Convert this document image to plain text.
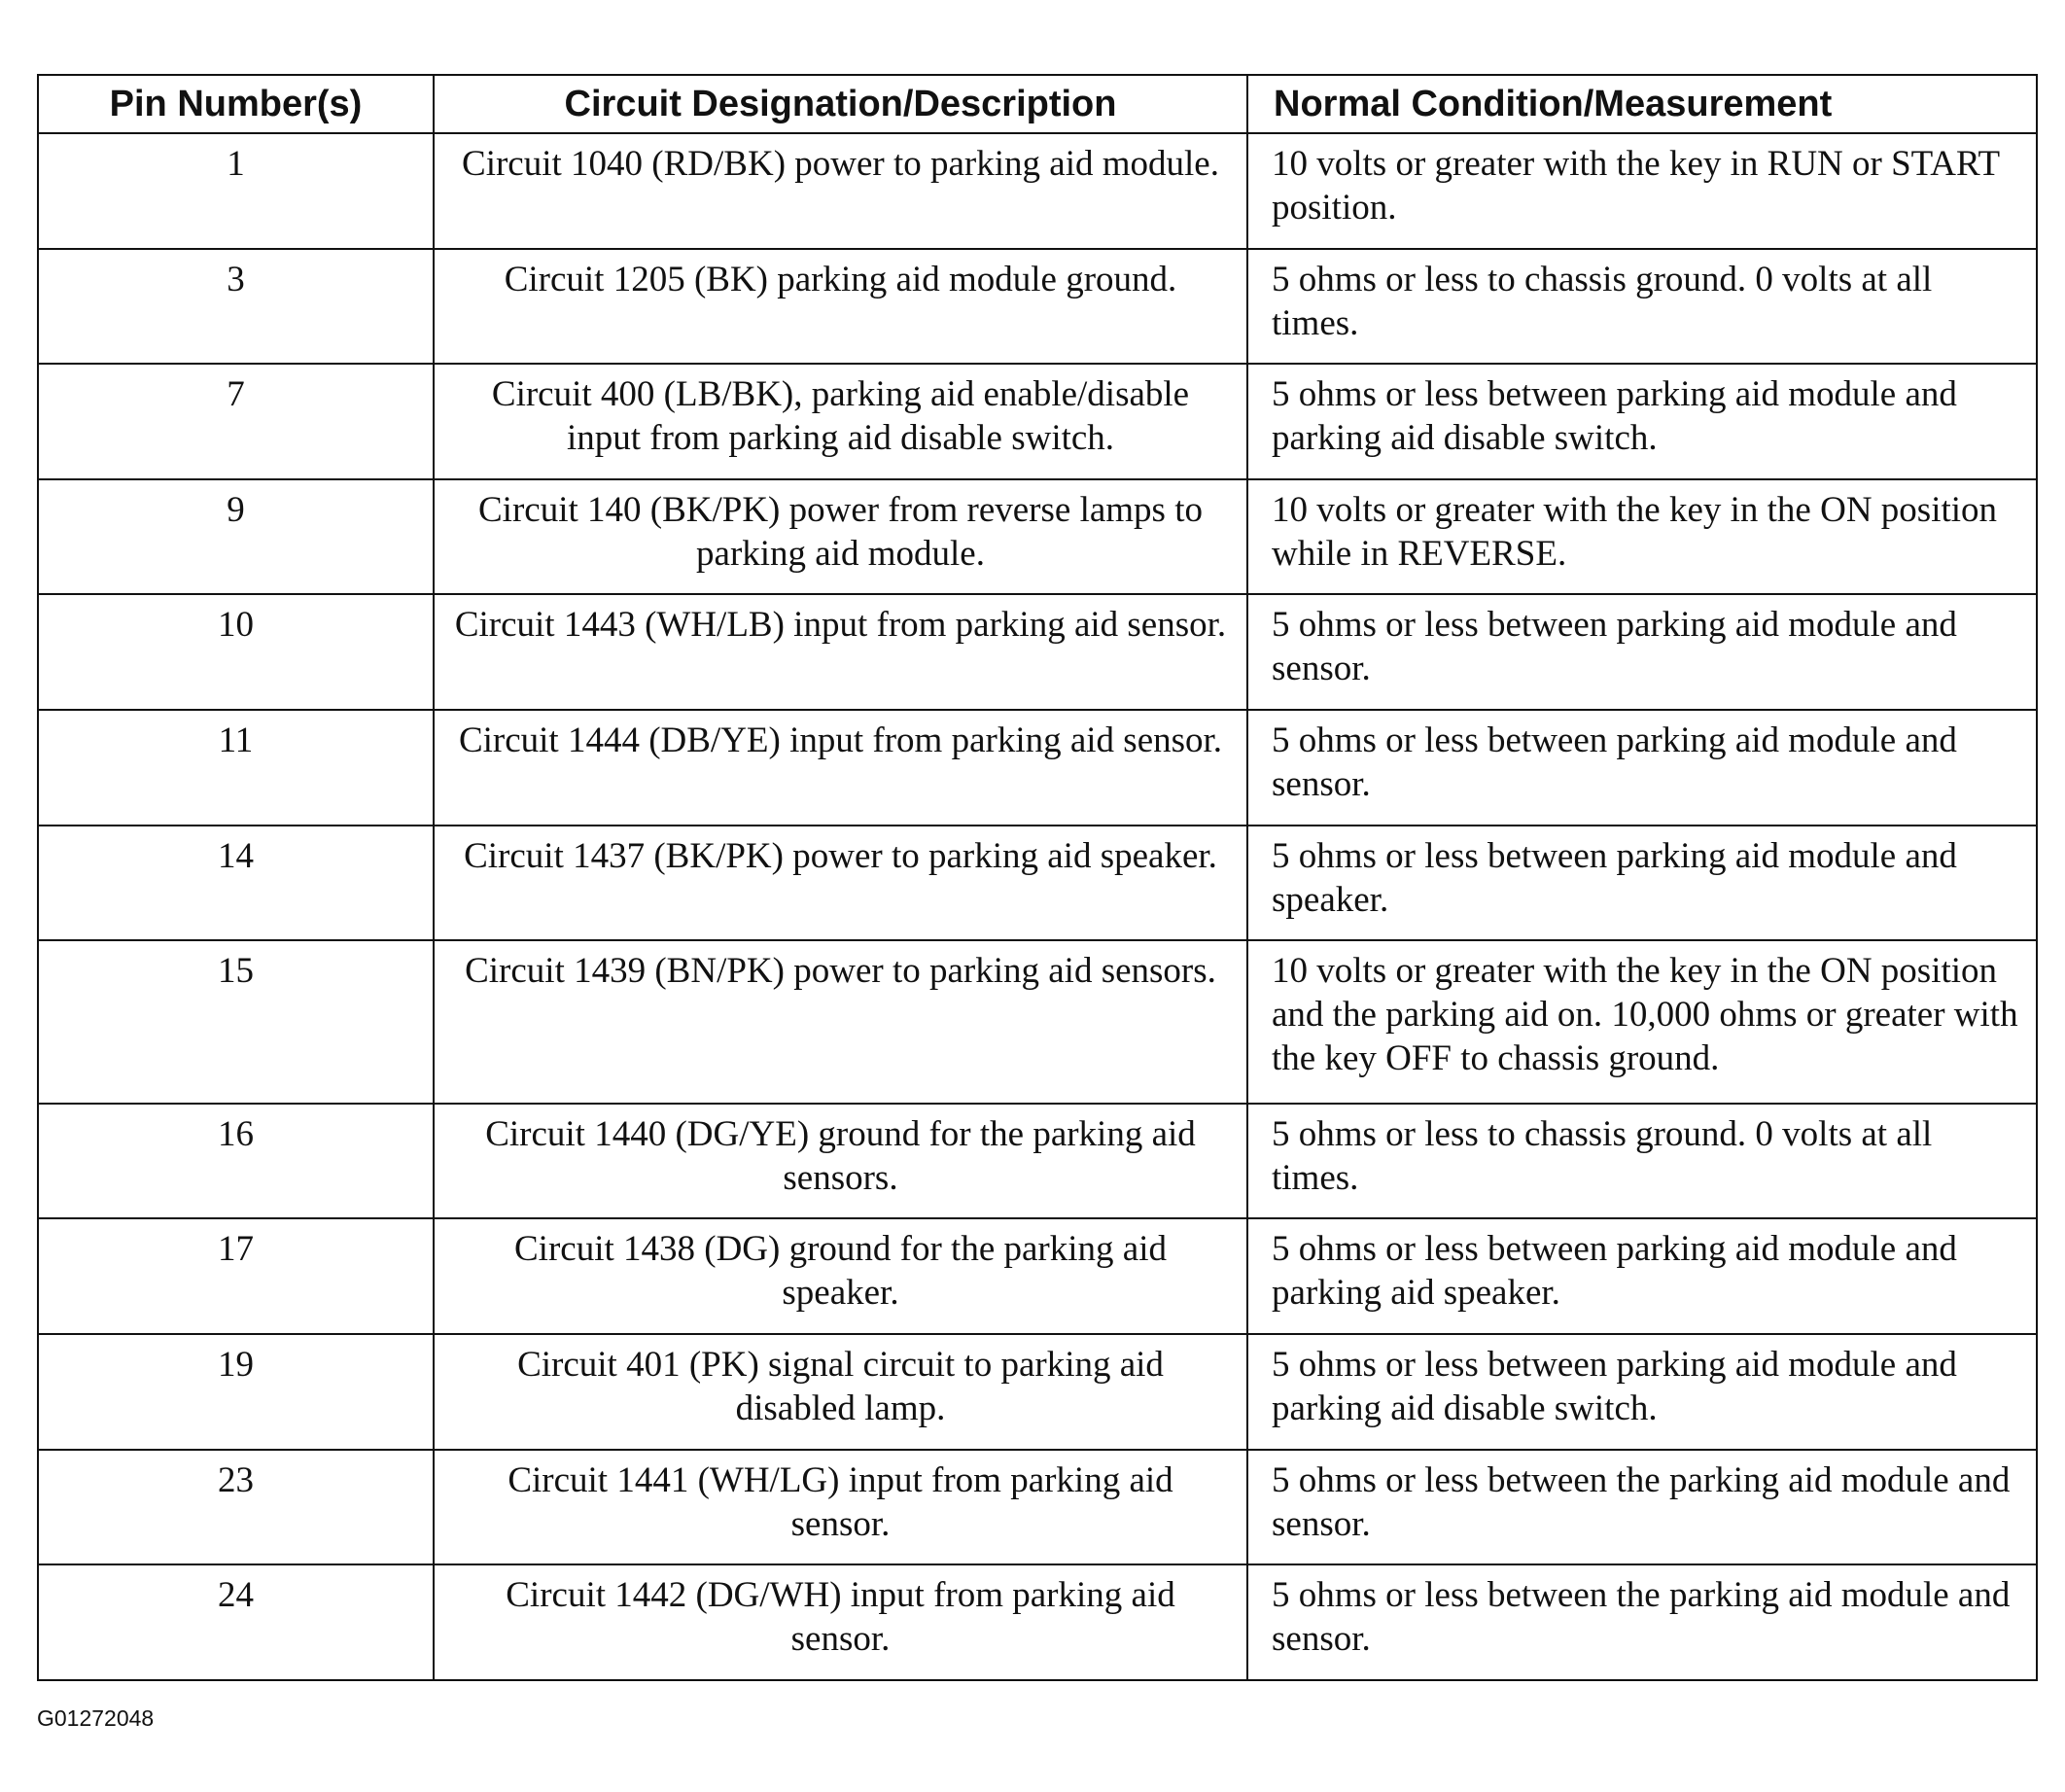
Pin Number(s)	Circuit Designation/Description	Normal Condition/Measurement
1	Circuit 1040 (RD/BK) power to parking aid module.	10 volts or greater with the key in RUN or START position.
3	Circuit 1205 (BK) parking aid module ground.	5 ohms or less to chassis ground. 0 volts at all times.
7	Circuit 400 (LB/BK), parking aid enable/disable input from parking aid disable switch.	5 ohms or less between parking aid module and parking aid disable switch.
9	Circuit 140 (BK/PK) power from reverse lamps to parking aid module.	10 volts or greater with the key in the ON position while in REVERSE.
10	Circuit 1443 (WH/LB) input from parking aid sensor.	5 ohms or less between parking aid module and sensor.
11	Circuit 1444 (DB/YE) input from parking aid sensor.	5 ohms or less between parking aid module and sensor.
14	Circuit 1437 (BK/PK) power to parking aid speaker.	5 ohms or less between parking aid module and speaker.
15	Circuit 1439 (BN/PK) power to parking aid sensors.	10 volts or greater with the key in the ON position and the parking aid on. 10,000 ohms or greater with the key OFF to chassis ground.
16	Circuit 1440 (DG/YE) ground for the parking aid sensors.	5 ohms or less to chassis ground. 0 volts at all times.
17	Circuit 1438 (DG) ground for the parking aid speaker.	5 ohms or less between parking aid module and parking aid speaker.
19	Circuit 401 (PK) signal circuit to parking aid disabled lamp.	5 ohms or less between parking aid module and parking aid disable switch.
23	Circuit 1441 (WH/LG) input from parking aid sensor.	5 ohms or less between the parking aid module and sensor.
24	Circuit 1442 (DG/WH) input from parking aid sensor.	5 ohms or less between the parking aid module and sensor.
G01272048
